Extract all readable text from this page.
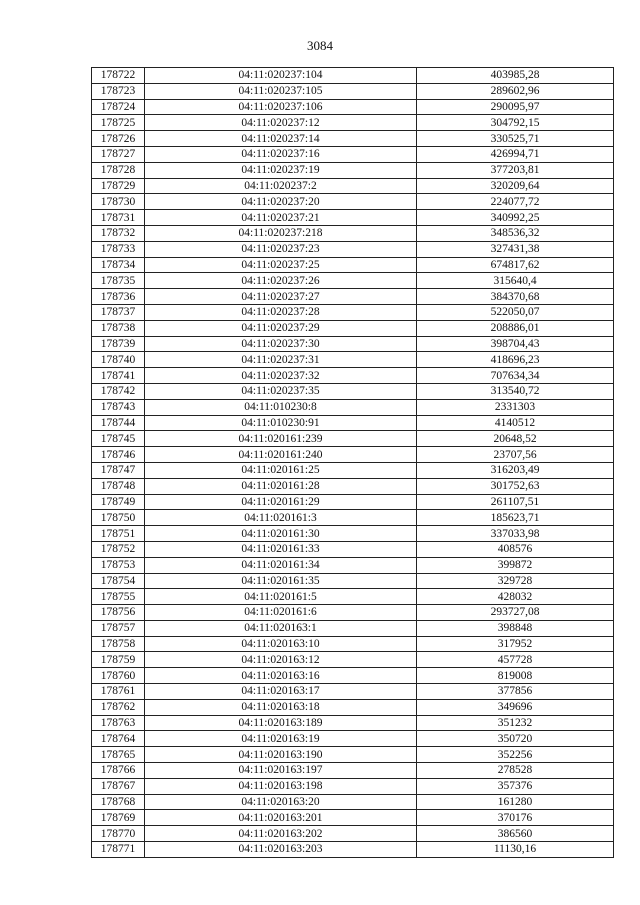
3084
178722	04:11:020237:104	403985,28
178723	04:11:020237:105	289602,96
178724	04:11:020237:106	290095,97
178725	04:11:020237:12	304792,15
178726	04:11:020237:14	330525,71
178727	04:11:020237:16	426994,71
178728	04:11:020237:19	377203,81
178729	04:11:020237:2	320209,64
178730	04:11:020237:20	224077,72
178731	04:11:020237:21	340992,25
178732	04:11:020237:218	348536,32
178733	04:11:020237:23	327431,38
178734	04:11:020237:25	674817,62
178735	04:11:020237:26	315640,4
178736	04:11:020237:27	384370,68
178737	04:11:020237:28	522050,07
178738	04:11:020237:29	208886,01
178739	04:11:020237:30	398704,43
178740	04:11:020237:31	418696,23
178741	04:11:020237:32	707634,34
178742	04:11:020237:35	313540,72
178743	04:11:010230:8	2331303
178744	04:11:010230:91	4140512
178745	04:11:020161:239	20648,52
178746	04:11:020161:240	23707,56
178747	04:11:020161:25	316203,49
178748	04:11:020161:28	301752,63
178749	04:11:020161:29	261107,51
178750	04:11:020161:3	185623,71
178751	04:11:020161:30	337033,98
178752	04:11:020161:33	408576
178753	04:11:020161:34	399872
178754	04:11:020161:35	329728
178755	04:11:020161:5	428032
178756	04:11:020161:6	293727,08
178757	04:11:020163:1	398848
178758	04:11:020163:10	317952
178759	04:11:020163:12	457728
178760	04:11:020163:16	819008
178761	04:11:020163:17	377856
178762	04:11:020163:18	349696
178763	04:11:020163:189	351232
178764	04:11:020163:19	350720
178765	04:11:020163:190	352256
178766	04:11:020163:197	278528
178767	04:11:020163:198	357376
178768	04:11:020163:20	161280
178769	04:11:020163:201	370176
178770	04:11:020163:202	386560
178771	04:11:020163:203	11130,16
